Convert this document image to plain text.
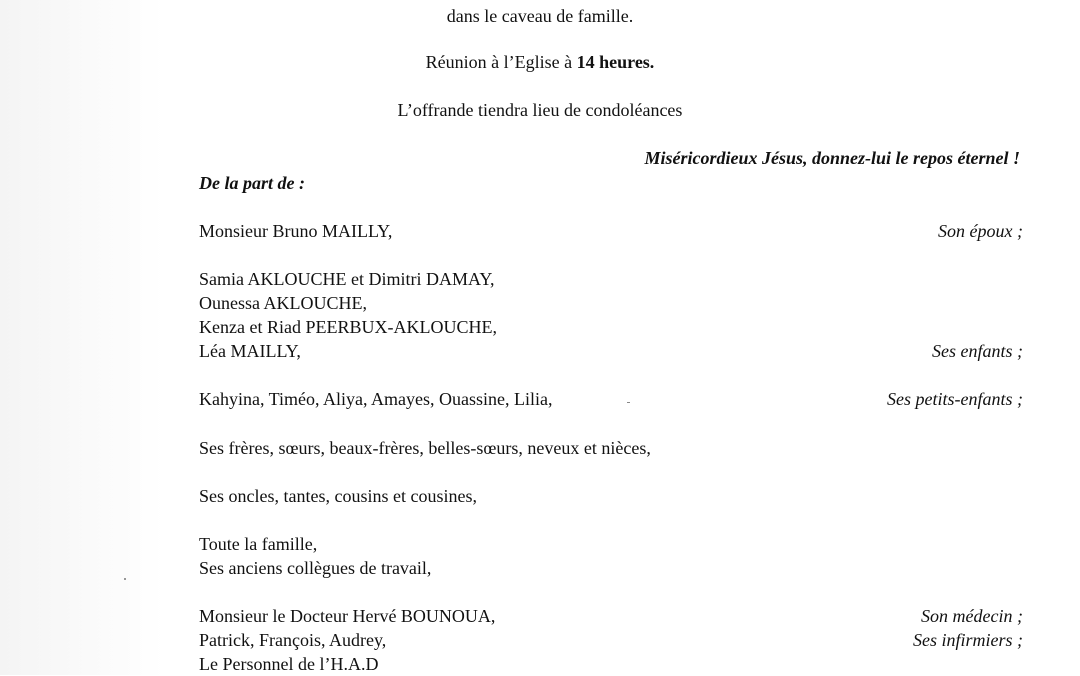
dans le caveau de famille.
Réunion à l’Eglise à 14 heures.
L’offrande tiendra lieu de condoléances
Miséricordieux Jésus, donnez-lui le repos éternel !
De la part de :
Monsieur Bruno MAILLY,	Son époux ;
Samia AKLOUCHE et Dimitri DAMAY,
Ounessa AKLOUCHE,
Kenza et Riad PEERBUX-AKLOUCHE,
Léa MAILLY,	Ses enfants ;
Kahyina, Timéo, Aliya, Amayes, Ouassine, Lilia,	Ses petits-enfants ;
Ses frères, sœurs, beaux-frères, belles-sœurs, neveux et nièces,
Ses oncles, tantes, cousins et cousines,
Toute la famille,
Ses anciens collègues de travail,
Monsieur le Docteur Hervé BOUNOUA,	Son médecin ;
Patrick, François, Audrey,	Ses infirmiers ;
Le Personnel de l’H.A.D
